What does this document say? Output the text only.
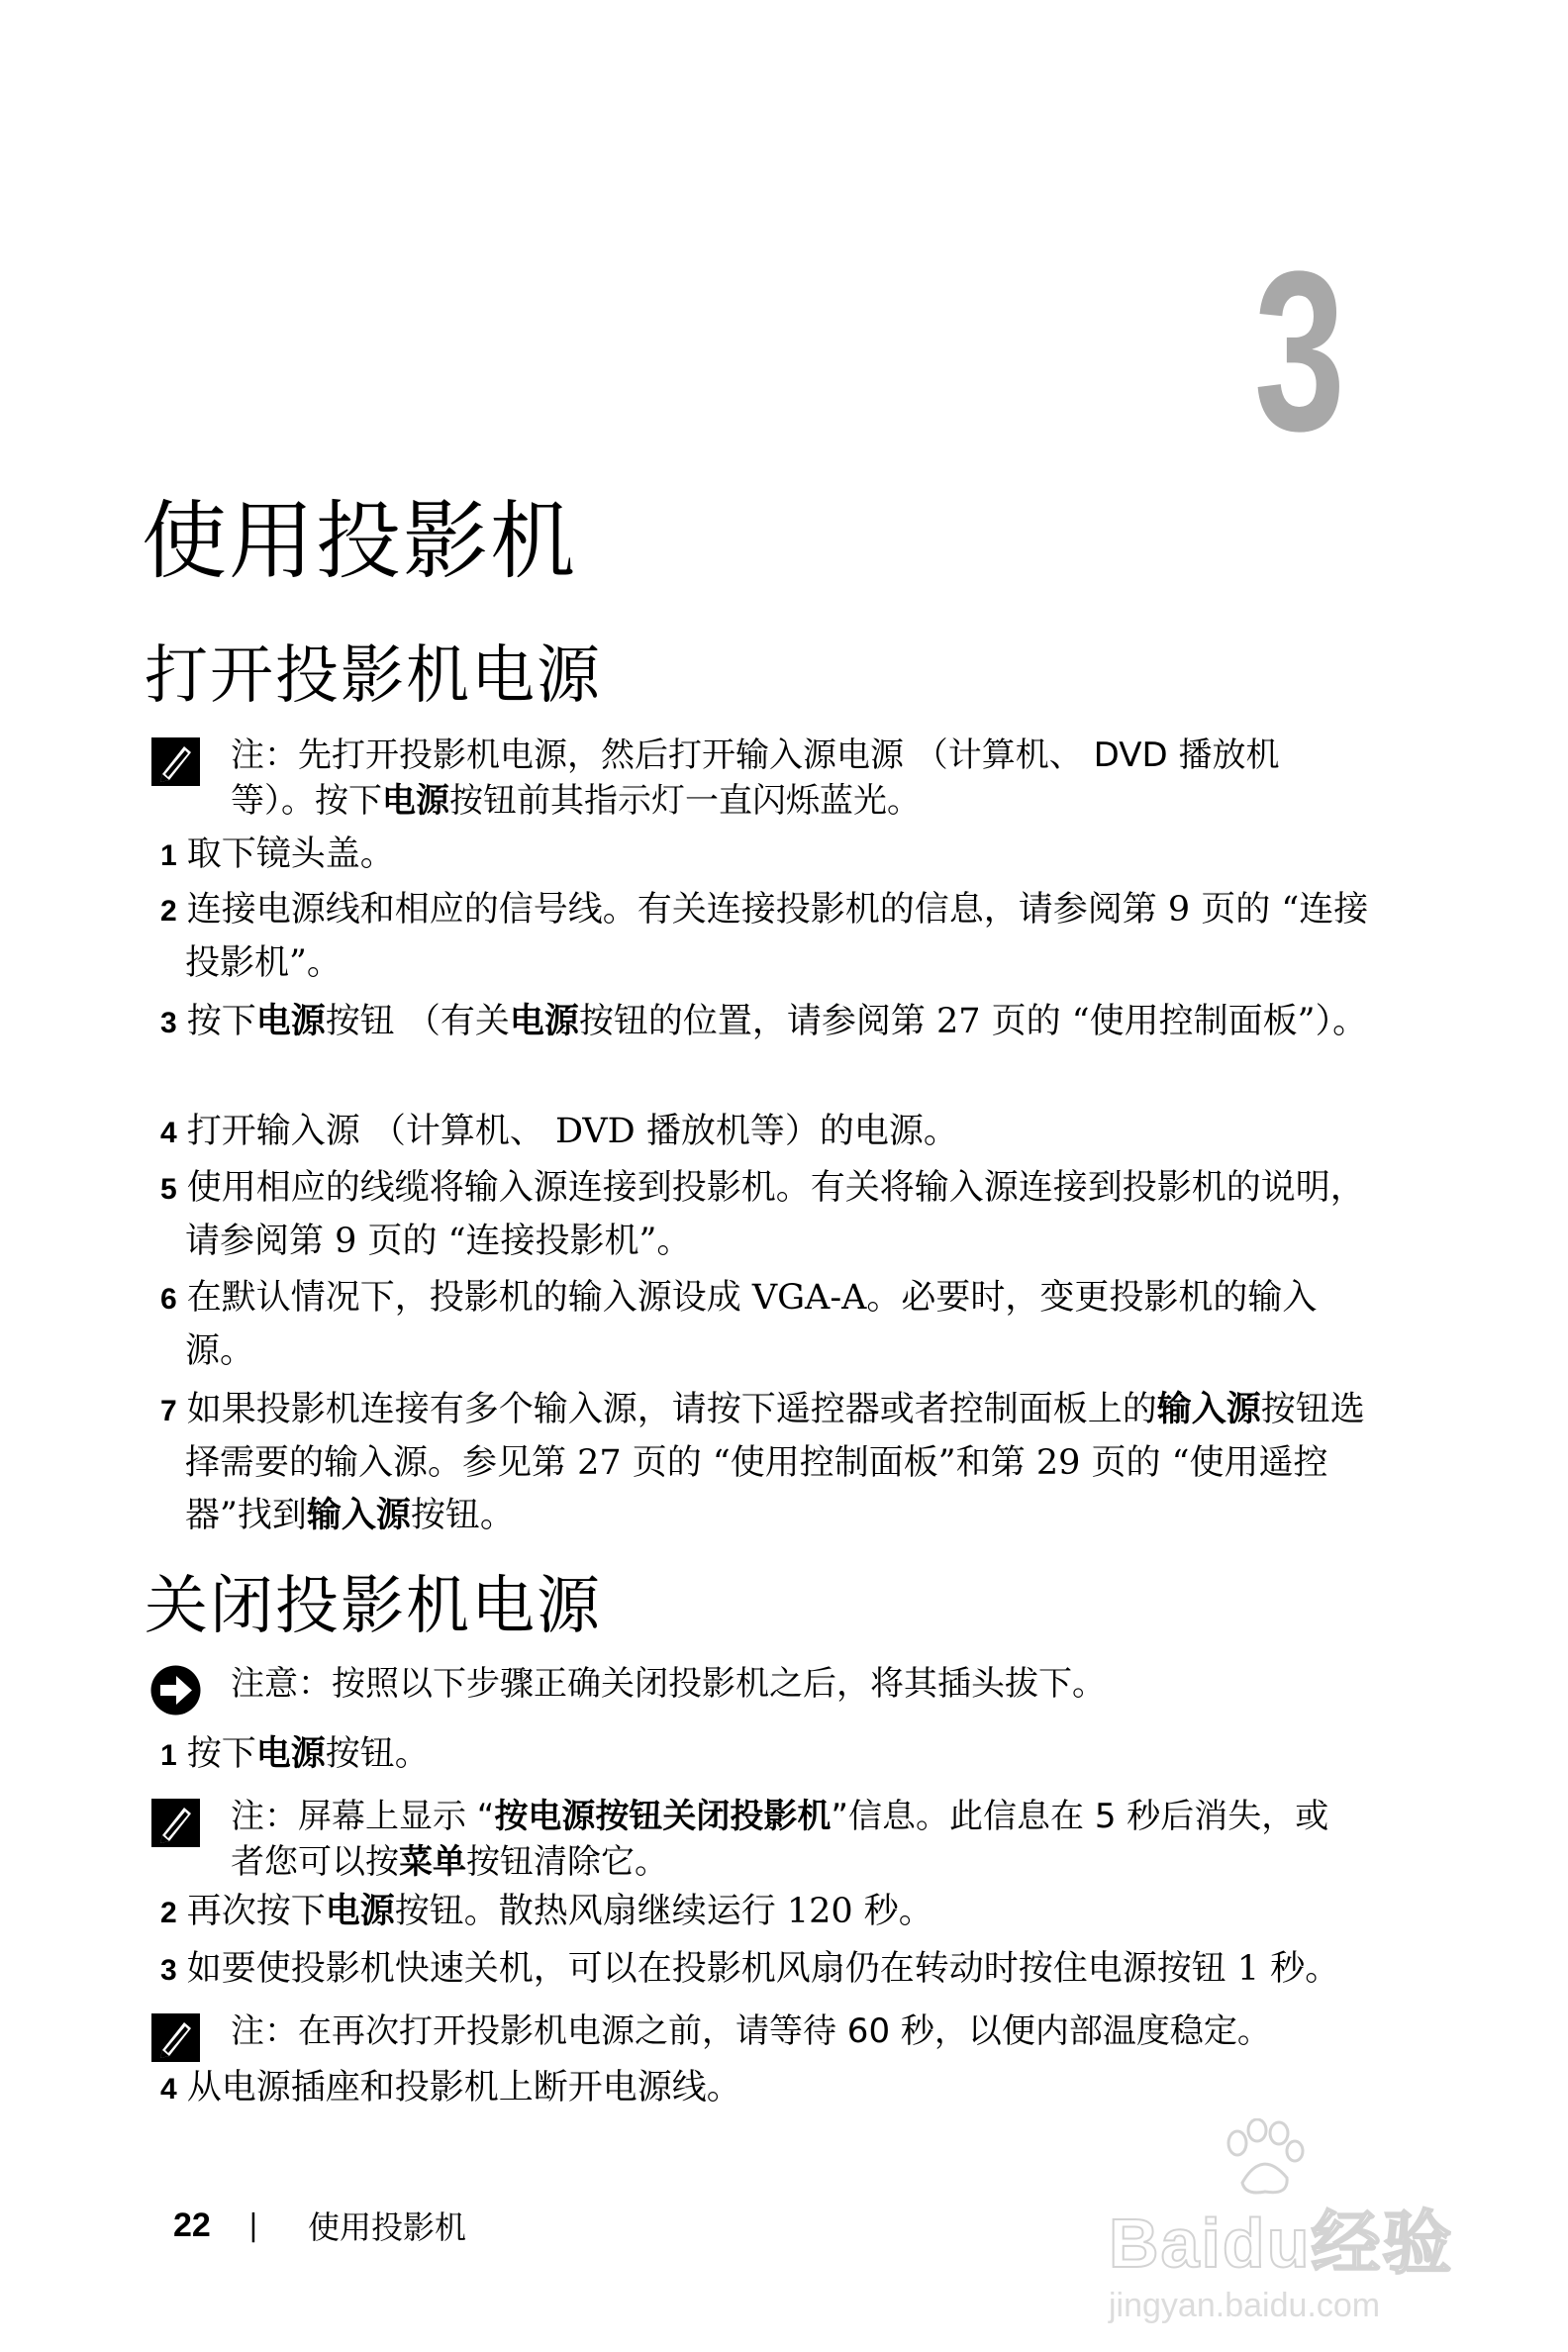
3
使用投影机
打开投影机电源
注：先打开投影机电源，然后打开输入源电源 （计算机、 DVD 播放机等）。按下电源按钮前其指示灯一直闪烁蓝光。
1 取下镜头盖。
2 连接电源线和相应的信号线。有关连接投影机的信息，请参阅第 9 页的 “连接投影机”。
3 按下电源按钮 （有关电源按钮的位置，请参阅第 27 页的 “使用控制面板”）。
4 打开输入源 （计算机、 DVD 播放机等）的电源。
5 使用相应的线缆将输入源连接到投影机。有关将输入源连接到投影机的说明，请参阅第 9 页的 “连接投影机”。
6 在默认情况下，投影机的输入源设成 VGA-A。必要时，变更投影机的输入源。
7 如果投影机连接有多个输入源，请按下遥控器或者控制面板上的输入源按钮选择需要的输入源。参见第 27 页的 “使用控制面板”和第 29 页的 “使用遥控器”找到输入源按钮。
关闭投影机电源
注意：按照以下步骤正确关闭投影机之后，将其插头拔下。
1 按下电源按钮。
注：屏幕上显示 “按电源按钮关闭投影机”信息。此信息在 5 秒后消失，或者您可以按菜单按钮清除它。
2 再次按下电源按钮。散热风扇继续运行 120 秒。
3 如要使投影机快速关机，可以在投影机风扇仍在转动时按住电源按钮 1 秒。
注：在再次打开投影机电源之前，请等待 60 秒，以便内部温度稳定。
4 从电源插座和投影机上断开电源线。
22 | 使用投影机	Baidu经验
jingyan.baidu.com
